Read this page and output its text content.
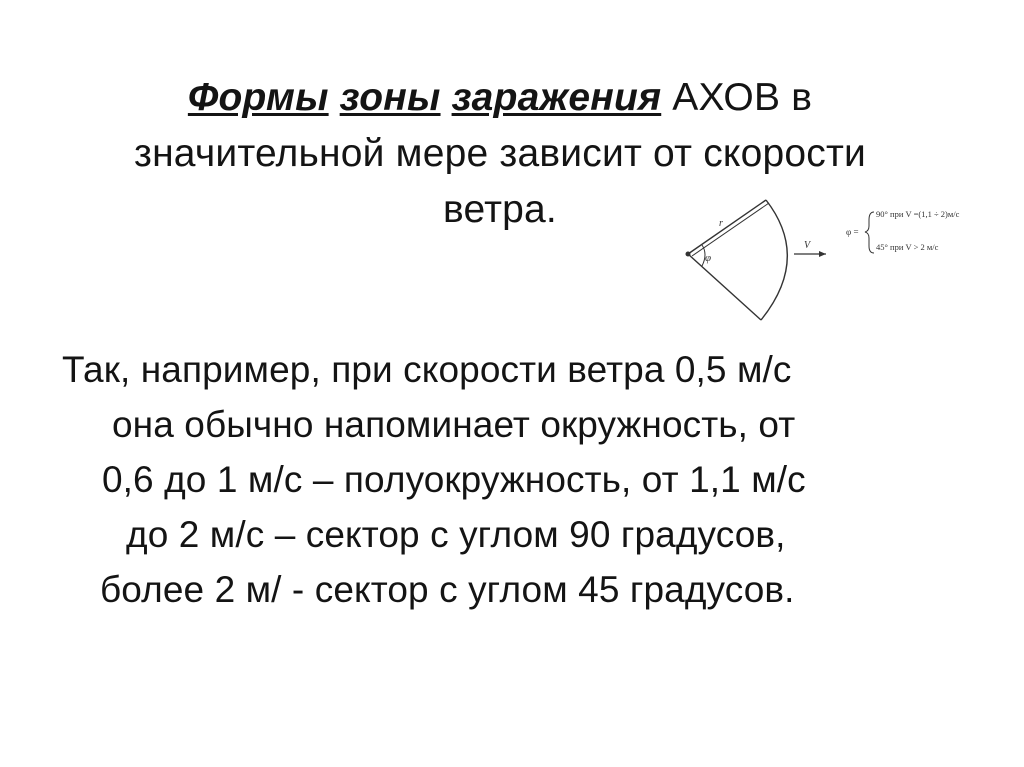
Формы зоны заражения АХОВ в
значительной мере зависит от скорости
ветра.	r
φ
V
φ =
90° при V =(1,1 ÷ 2)м/с
45° при V > 2 м/с
Так, например, при скорости ветра 0,5 м/с
она обычно напоминает окружность, от
0,6 до 1 м/с – полуокружность, от 1,1 м/с
до 2 м/с – сектор с углом 90 градусов,
более 2 м/ - сектор с углом 45 градусов.
